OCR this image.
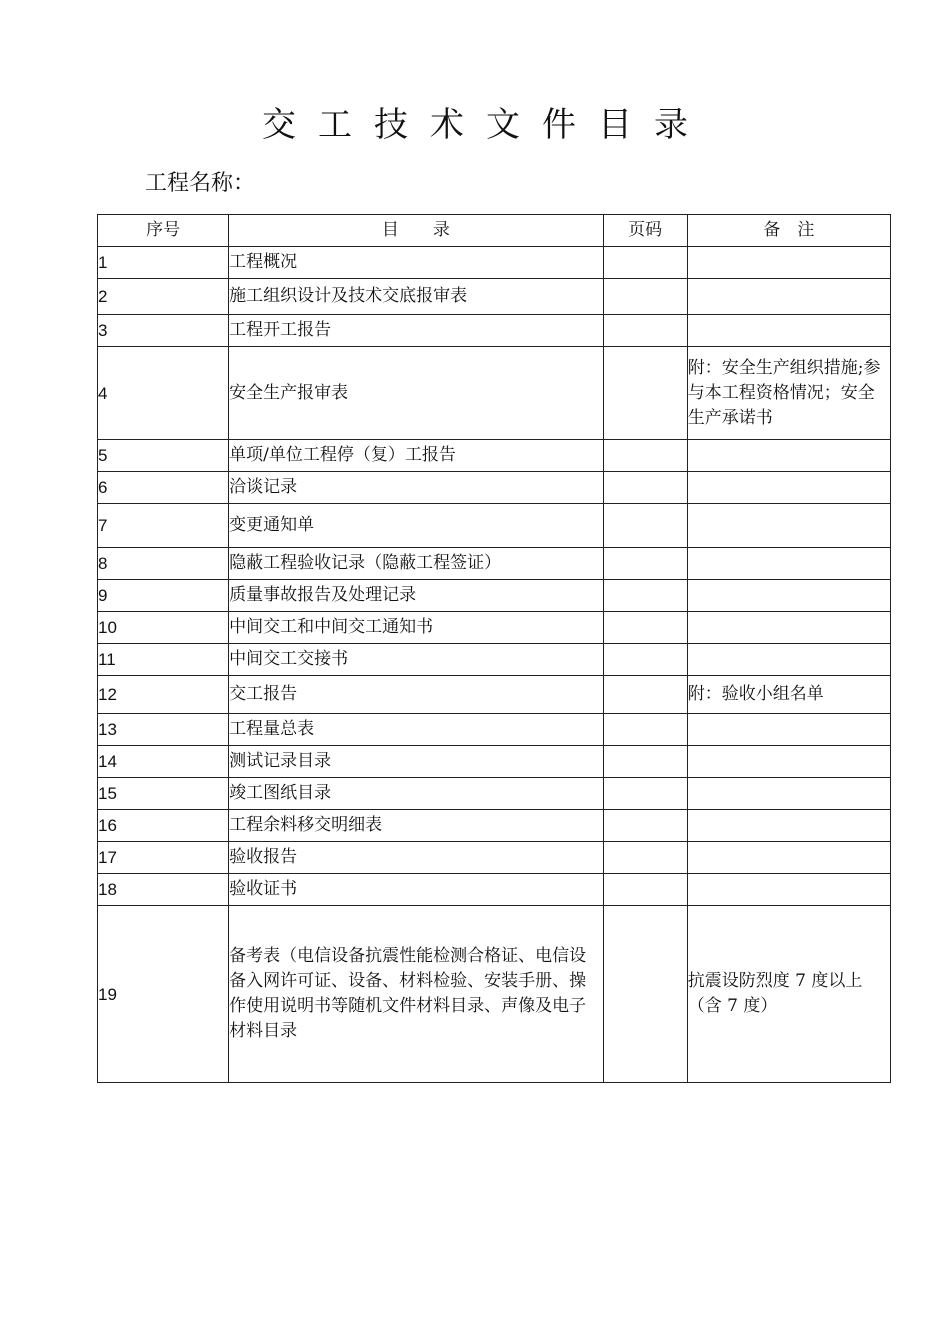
交工技术文件目录
工程名称：
序号	目　　录	页码	备　注
1	工程概况		
2	施工组织设计及技术交底报审表		
3	工程开工报告		
4	安全生产报审表		附：安全生产组织措施;参与本工程资格情况；安全生产承诺书
5	单项/单位工程停（复）工报告		
6	洽谈记录		
7	变更通知单		
8	隐蔽工程验收记录（隐蔽工程签证）		
9	质量事故报告及处理记录		
10	中间交工和中间交工通知书		
11	中间交工交接书		
12	交工报告		附：验收小组名单
13	工程量总表		
14	测试记录目录		
15	竣工图纸目录		
16	工程余料移交明细表		
17	验收报告		
18	验收证书		
19	备考表（电信设备抗震性能检测合格证、电信设备入网许可证、设备、材料检验、安装手册、操作使用说明书等随机文件材料目录、声像及电子材料目录		抗震设防烈度 7 度以上（含 7 度）
